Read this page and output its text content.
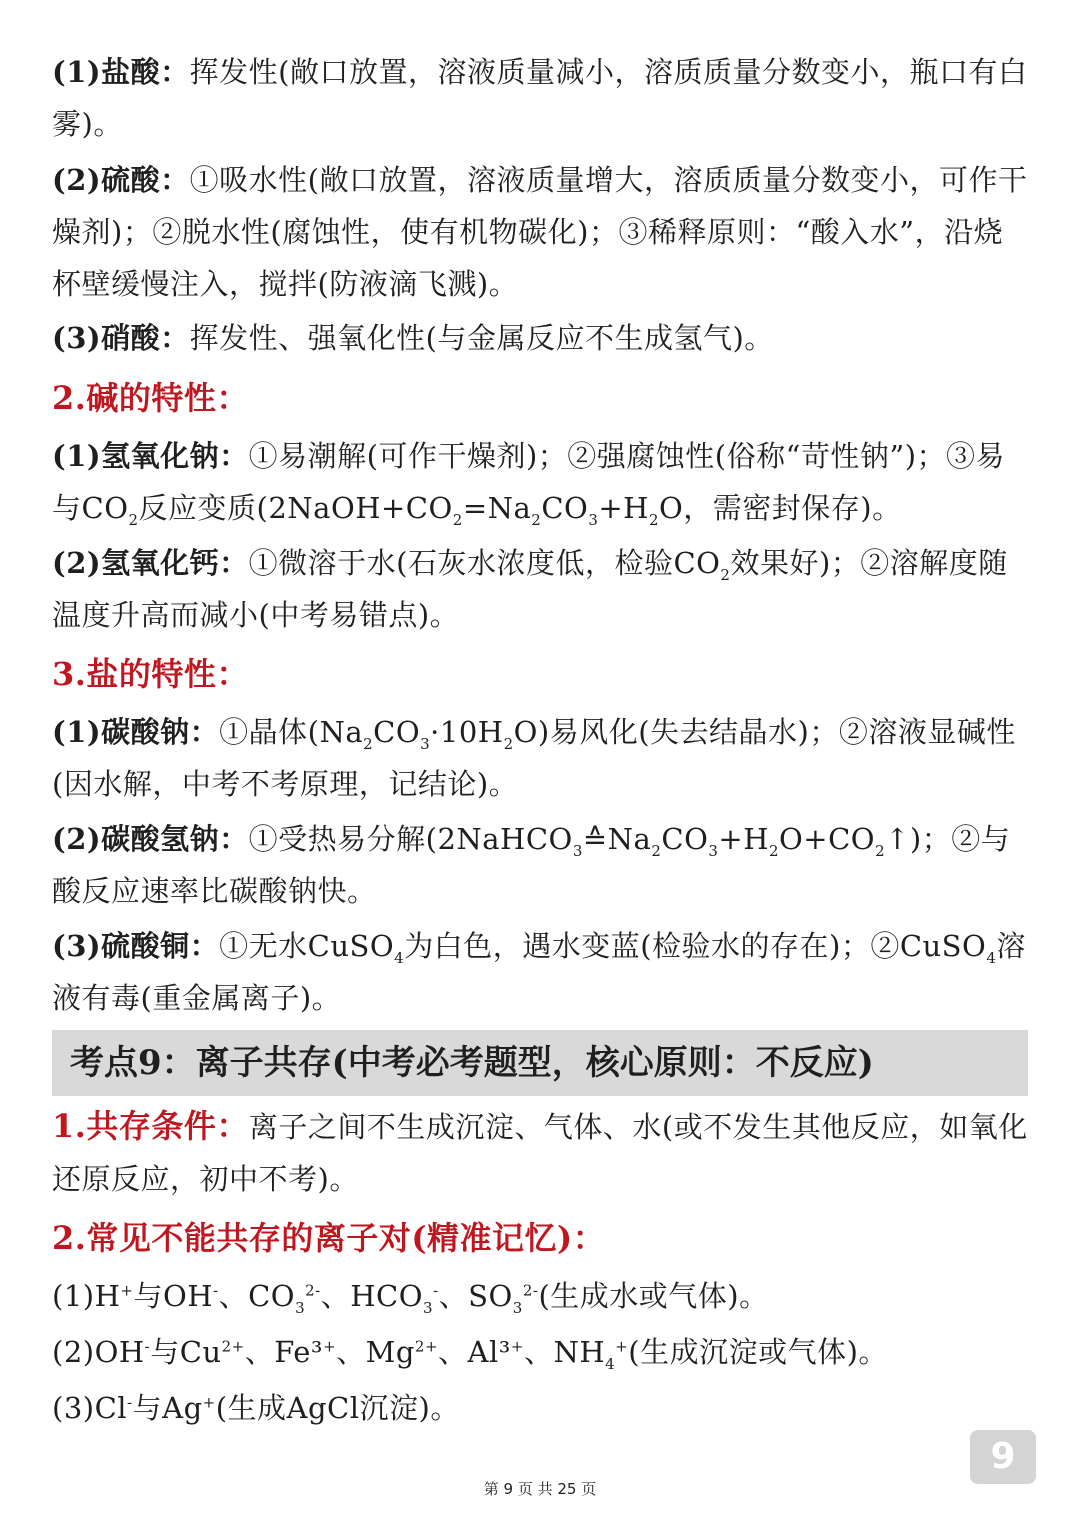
(1)盐酸：挥发性(敞口放置，溶液质量减小，溶质质量分数变小，瓶口有白雾)。
(2)硫酸：①吸水性(敞口放置，溶液质量增大，溶质质量分数变小，可作干燥剂)；②脱水性(腐蚀性，使有机物碳化)；③稀释原则：“酸入水”，沿烧杯壁缓慢注入，搅拌(防液滴飞溅)。
(3)硝酸：挥发性、强氧化性(与金属反应不生成氢气)。
2.碱的特性：
(1)氢氧化钠：①易潮解(可作干燥剂)；②强腐蚀性(俗称“苛性钠”)；③易与$CO_2$反应变质($2NaOH+CO_2=Na_2CO_3+H_2O$，需密封保存)。
(2)氢氧化钙：①微溶于水(石灰水浓度低，检验$CO_2$效果好)；②溶解度随温度升高而减小(中考易错点)。
3.盐的特性：
(1)碳酸钠：①晶体$(Na_2CO_3\cdot 10H_2O)$易风化(失去结晶水)；②溶液显碱性(因水解，中考不考原理，记结论)。
(2)碳酸氢钠：①受热易分解$(2NaHCO_3≙Na_2CO_3+H_2O+CO_2↑)$；②与酸反应速率比碳酸钠快。
(3)硫酸铜：①无水CuSO$_4$为白色，遇水变蓝(检验水的存在)；②CuSO$_4$溶液有毒(重金属离子)。
考点9：离子共存(中考必考题型，核心原则：不反应)
1.共存条件：离子之间不生成沉淀、气体、水(或不发生其他反应，如氧化还原反应，初中不考)。
2.常见不能共存的离子对(精准记忆)：
(1)H+与OH-、$CO_3^{2-}$、$HCO_3^-$、$SO_3^{2-}$(生成水或气体)。
(2)OH-与$Cu^{2+}$、Fe³+、$Mg^{2+}$、Al³+、$NH_4^+$(生成沉淀或气体)。
(3)Cl-与Ag+(生成AgCl沉淀)。
9
第 9 页 共 25 页
